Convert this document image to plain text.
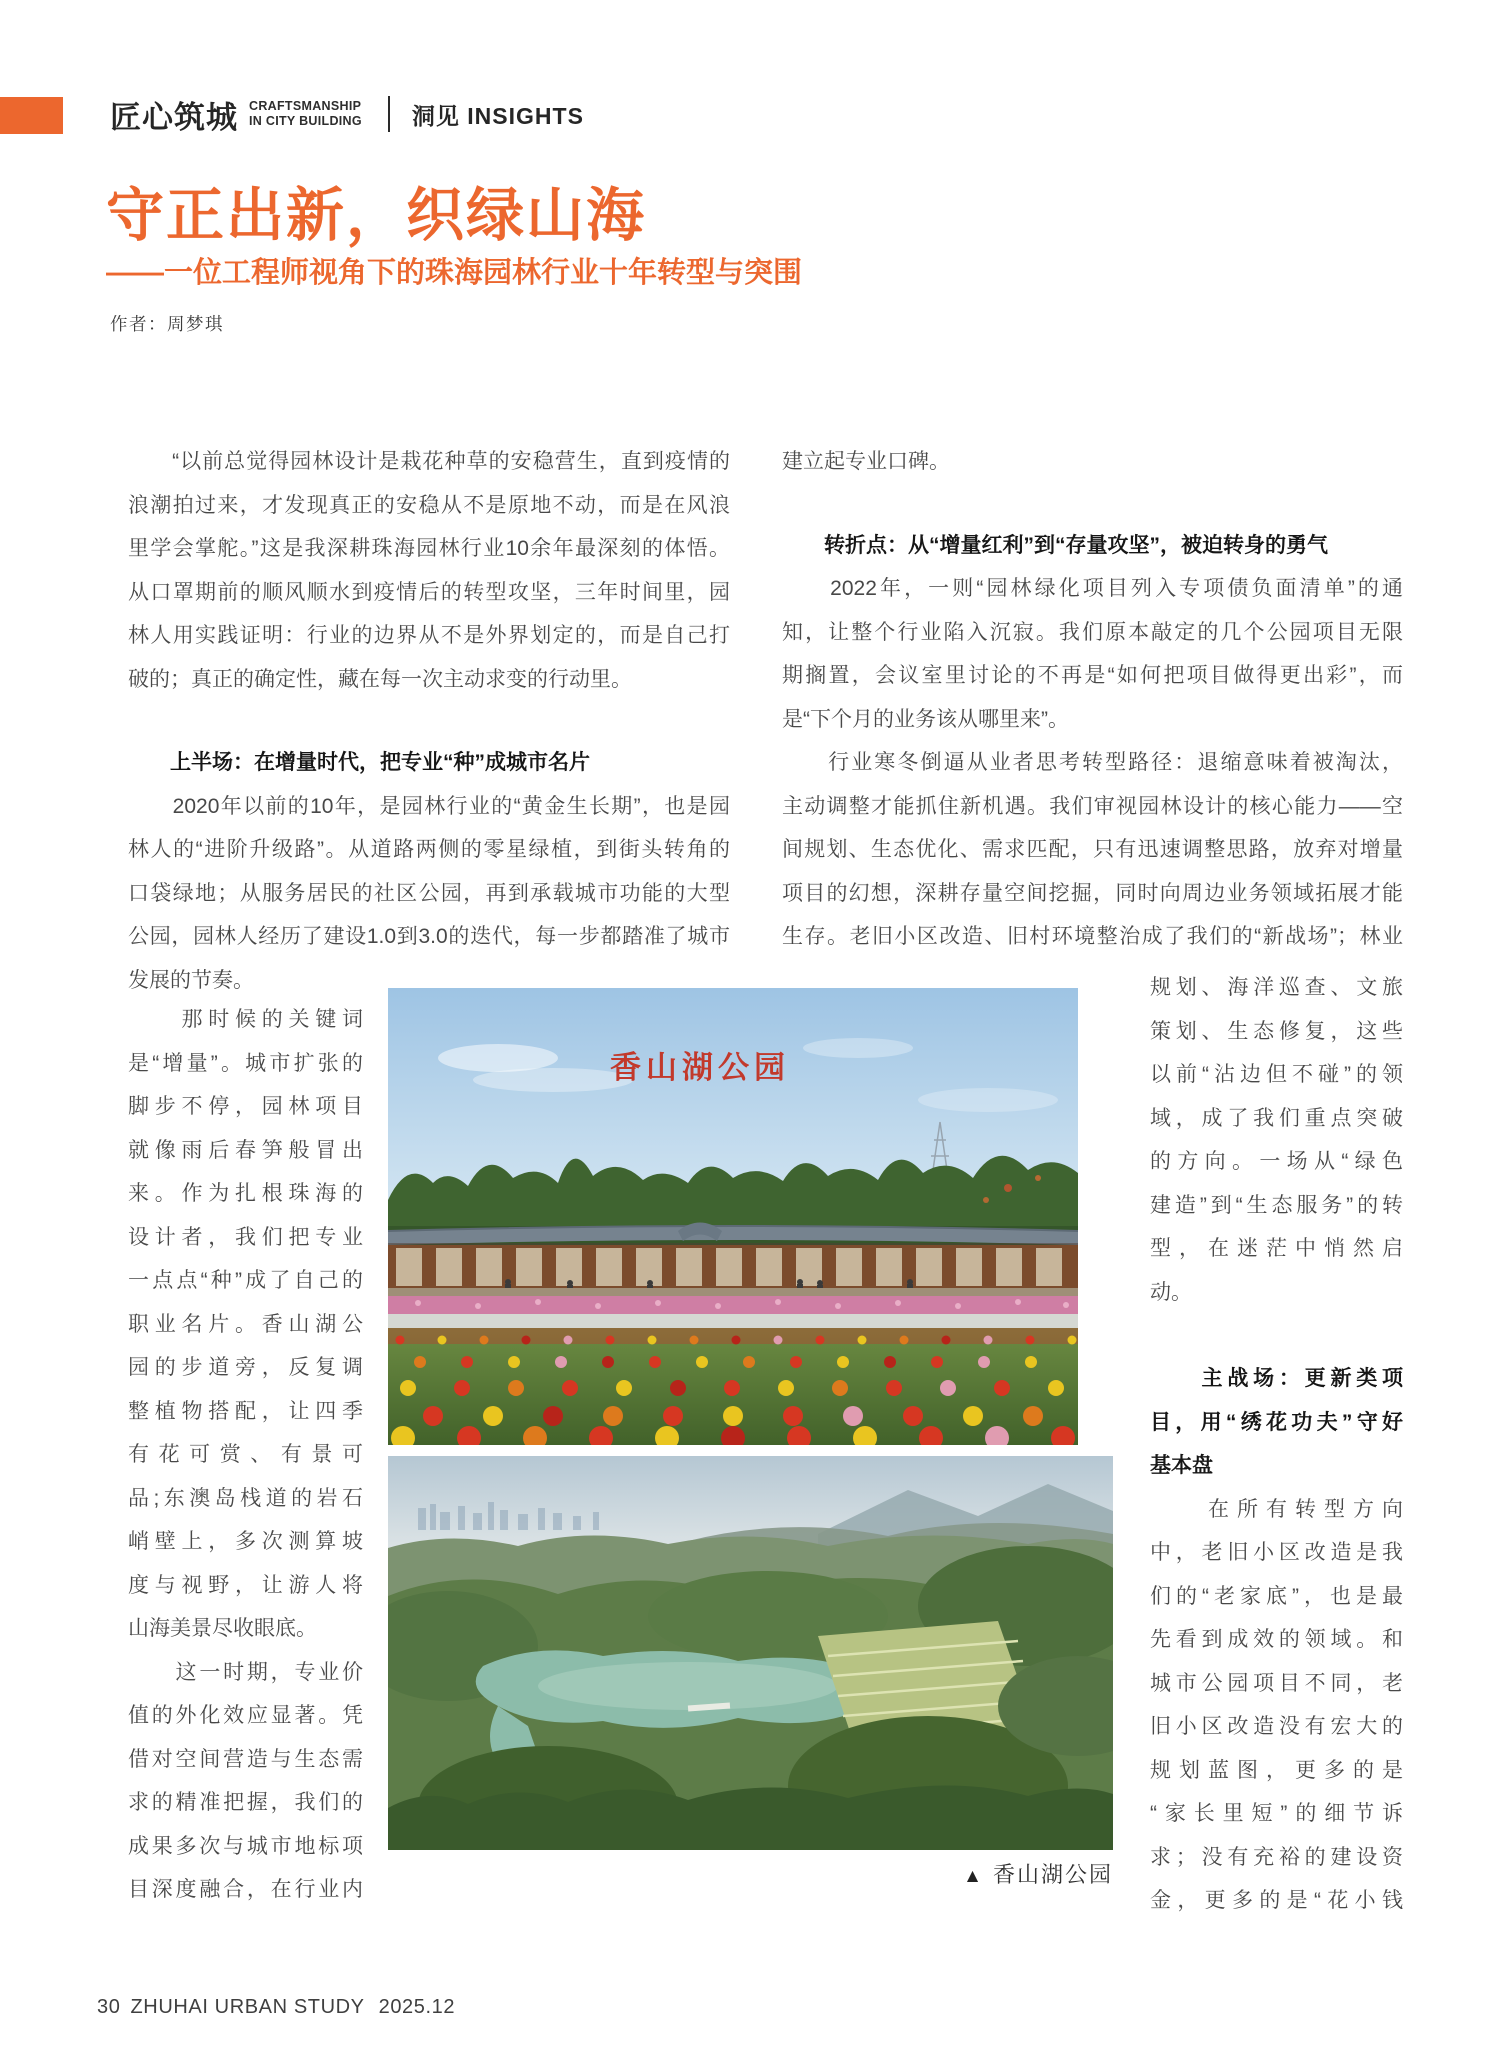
匠心筑城 CRAFTSMANSHIP
IN CITY BUILDING 洞见 INSIGHTS
守正出新，织绿山海
——一位工程师视角下的珠海园林行业十年转型与突围
作者：周梦琪
　　“以前总觉得园林设计是栽花种草的安稳营生，直到疫情的
浪潮拍过来，才发现真正的安稳从不是原地不动，而是在风浪
里学会掌舵。”这是我深耕珠海园林行业10余年最深刻的体悟。
从口罩期前的顺风顺水到疫情后的转型攻坚，三年时间里，园
林人用实践证明：行业的边界从不是外界划定的，而是自己打
破的；真正的确定性，藏在每一次主动求变的行动里。
　　上半场：在增量时代，把专业“种”成城市名片
　　2020年以前的10年，是园林行业的“黄金生长期”，也是园
林人的“进阶升级路”。从道路两侧的零星绿植，到街头转角的
口袋绿地；从服务居民的社区公园，再到承载城市功能的大型
公园，园林人经历了建设1.0到3.0的迭代，每一步都踏准了城市
发展的节奏。
建立起专业口碑。
　　转折点：从“增量红利”到“存量攻坚”，被迫转身的勇气
　　2022年，一则“园林绿化项目列入专项债负面清单”的通
知，让整个行业陷入沉寂。我们原本敲定的几个公园项目无限
期搁置，会议室里讨论的不再是“如何把项目做得更出彩”，而
是“下个月的业务该从哪里来”。
　　行业寒冬倒逼从业者思考转型路径：退缩意味着被淘汰，
主动调整才能抓住新机遇。我们审视园林设计的核心能力——空
间规划、生态优化、需求匹配，只有迅速调整思路，放弃对增量
项目的幻想，深耕存量空间挖掘，同时向周边业务领域拓展才能
生存。老旧小区改造、旧村环境整治成了我们的“新战场”；林业
　　那时候的关键词
是“增量”。城市扩张的
脚步不停，园林项目
就像雨后春笋般冒出
来。作为扎根珠海的
设计者，我们把专业
一点点“种”成了自己的
职业名片。香山湖公
园的步道旁，反复调
整植物搭配，让四季
有花可赏、有景可
品;东澳岛栈道的岩石
峭壁上，多次测算坡
度与视野，让游人将
山海美景尽收眼底。
　　这一时期，专业价
值的外化效应显著。凭
借对空间营造与生态需
求的精准把握，我们的
成果多次与城市地标项
目深度融合，在行业内
规划、海洋巡查、文旅
策划、生态修复，这些
以前“沾边但不碰”的领
域，成了我们重点突破
的方向。一场从“绿色
建造”到“生态服务”的转
型，在迷茫中悄然启
动。
　　主战场：更新类项
目，用“绣花功夫”守好
基本盘
　　在所有转型方向
中，老旧小区改造是我
们的“老家底”，也是最
先看到成效的领域。和
城市公园项目不同，老
旧小区改造没有宏大的
规划蓝图，更多的是
“家长里短”的细节诉
求；没有充裕的建设资
金，更多的是“花小钱
香山湖公园
▲ 香山湖公园
30 ZHUHAI URBAN STUDY 2025.12
